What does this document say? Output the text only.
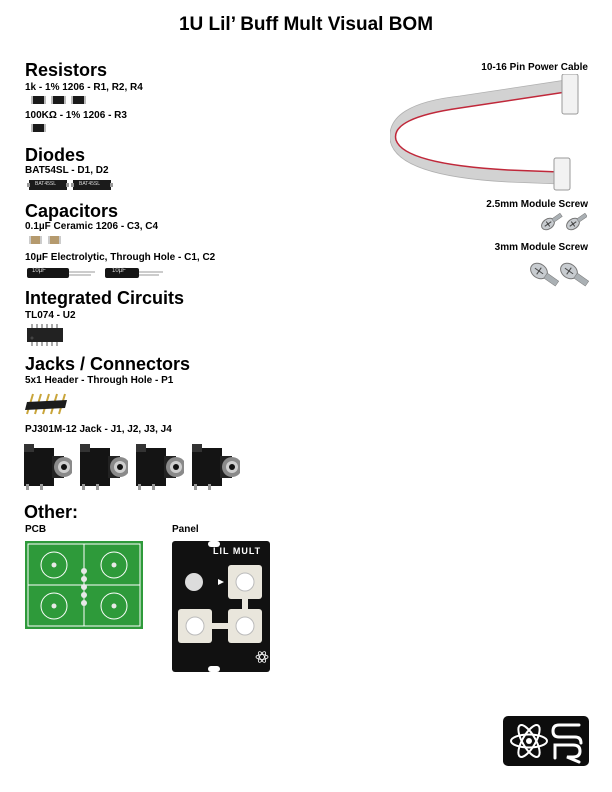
1U Lil’ Buff Mult Visual BOM
Resistors
1k - 1% 1206 - R1, R2, R4
100KΩ - 1% 1206 - R3
Diodes
BAT54SL - D1, D2
BAT45SL	BAT45SL
Capacitors
0.1µF Ceramic 1206 - C3, C4
10µF Electrolytic, Through Hole - C1, C2
10µF	10µF
Integrated Circuits
TL074 - U2
Jacks / Connectors
5x1 Header - Through Hole - P1
PJ301M-12 Jack - J1, J2, J3, J4
Other:
PCB	Panel
LIL MULT
10-16 Pin Power Cable
2.5mm Module Screw
3mm Module Screw
